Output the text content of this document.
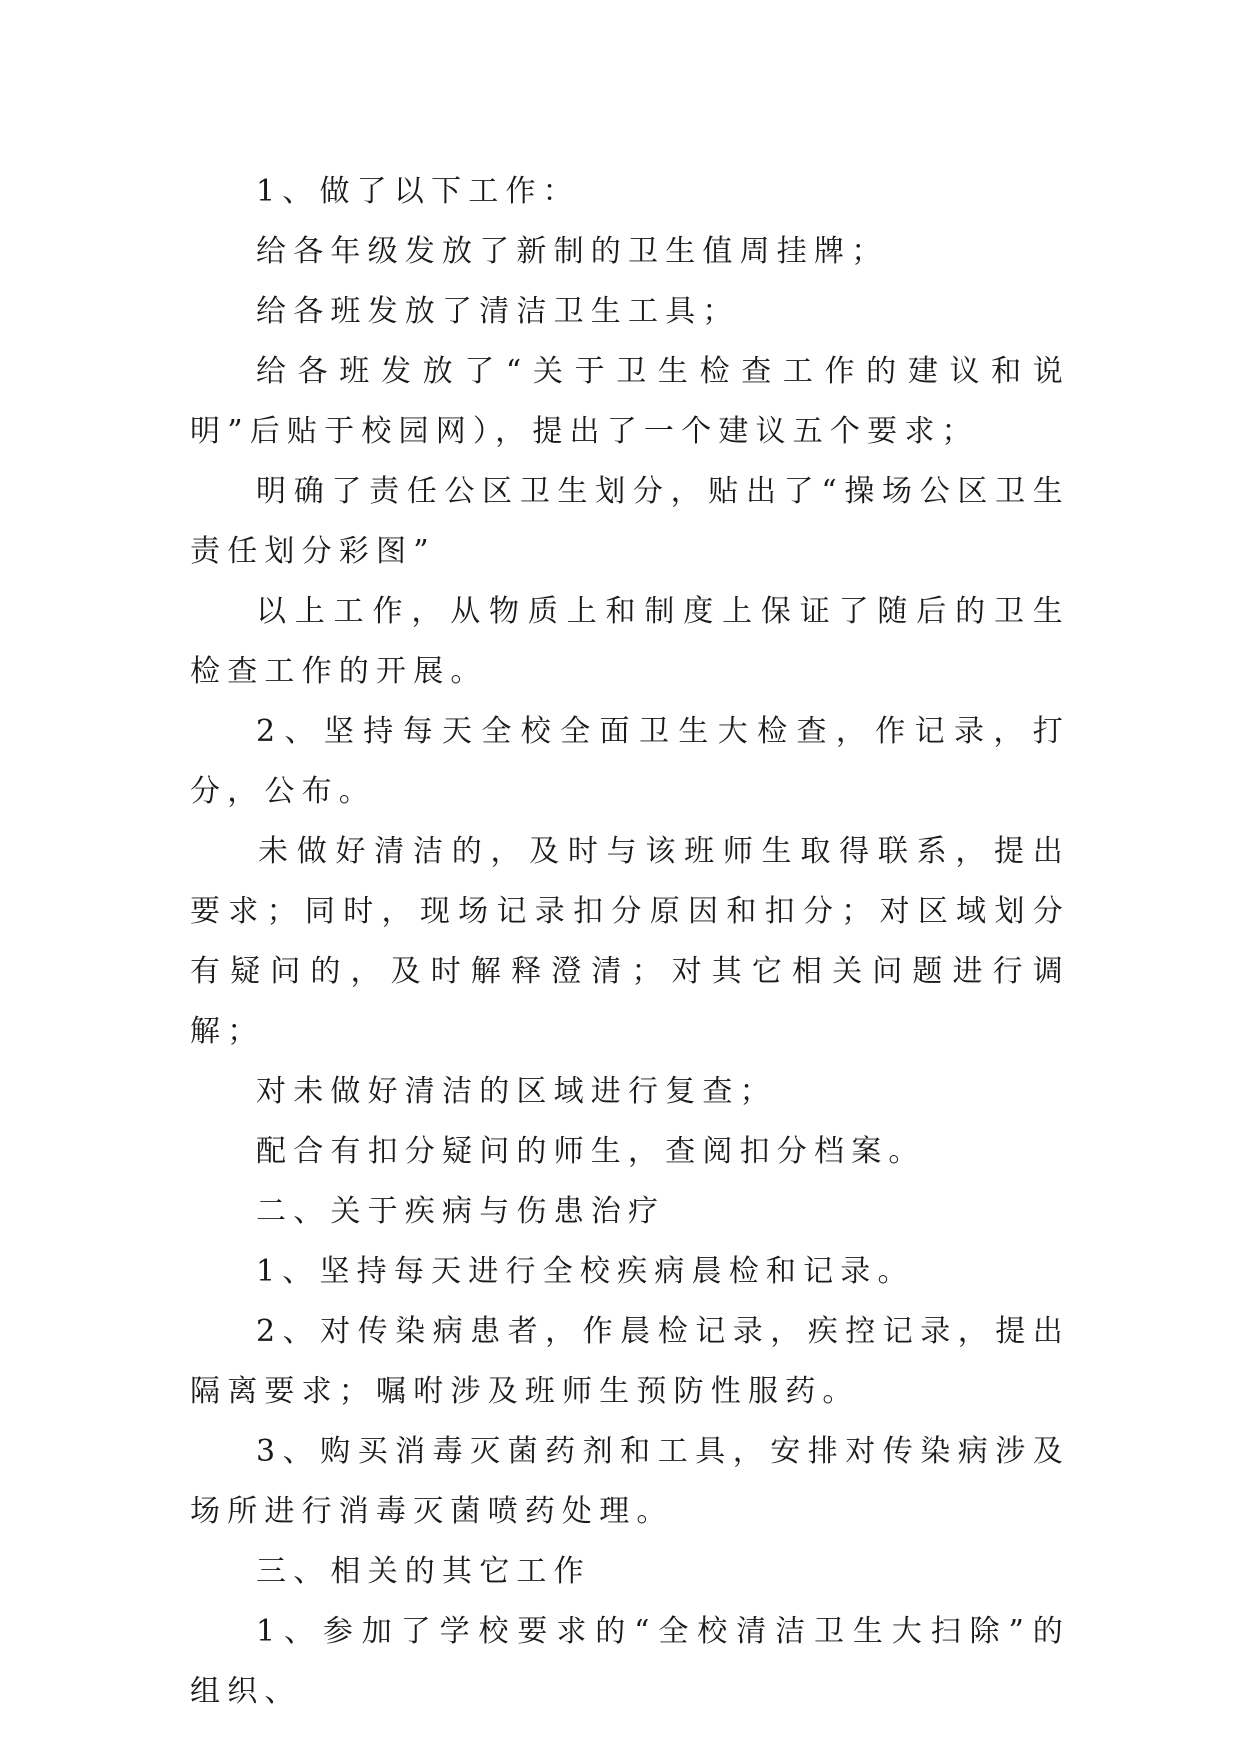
1、做了以下工作：

给各年级发放了新制的卫生值周挂牌；

给各班发放了清洁卫生工具；

给各班发放了“关于卫生检查工作的建议和说明”后贴于校园网），提出了一个建议五个要求；

明确了责任公区卫生划分，贴出了“操场公区卫生责任划分彩图”

以上工作，从物质上和制度上保证了随后的卫生检查工作的开展。

2、坚持每天全校全面卫生大检查，作记录，打分，公布。

未做好清洁的，及时与该班师生取得联系，提出要求；同时，现场记录扣分原因和扣分；对区域划分有疑问的，及时解释澄清；对其它相关问题进行调解；

对未做好清洁的区域进行复查；

配合有扣分疑问的师生，查阅扣分档案。

二、关于疾病与伤患治疗

1、坚持每天进行全校疾病晨检和记录。

2、对传染病患者，作晨检记录，疾控记录，提出隔离要求；嘱咐涉及班师生预防性服药。

3、购买消毒灭菌药剂和工具，安排对传染病涉及场所进行消毒灭菌喷药处理。

三、相关的其它工作

1、参加了学校要求的“全校清洁卫生大扫除”的组织、
